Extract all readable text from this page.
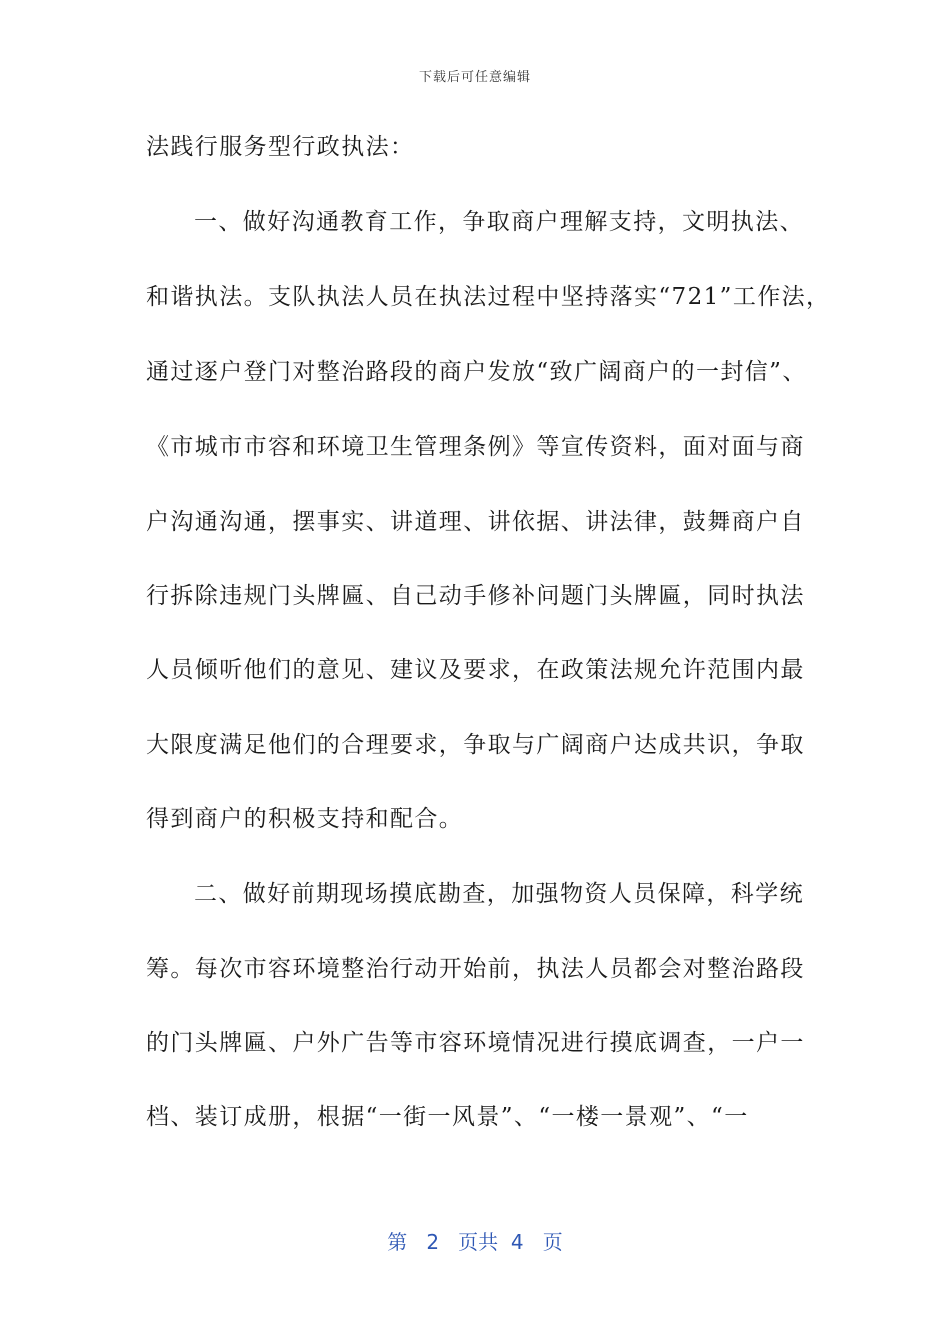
下载后可任意编辑
法践行服务型行政执法：
一、做好沟通教育工作，争取商户理解支持，文明执法、
和谐执法。支队执法人员在执法过程中坚持落实“721”工作法，
通过逐户登门对整治路段的商户发放“致广阔商户的一封信”、
《市城市市容和环境卫生管理条例》等宣传资料，面对面与商
户沟通沟通，摆事实、讲道理、讲依据、讲法律，鼓舞商户自
行拆除违规门头牌匾、自己动手修补问题门头牌匾，同时执法
人员倾听他们的意见、建议及要求，在政策法规允许范围内最
大限度满足他们的合理要求，争取与广阔商户达成共识，争取
得到商户的积极支持和配合。
二、做好前期现场摸底勘查，加强物资人员保障，科学统
筹。每次市容环境整治行动开始前，执法人员都会对整治路段
的门头牌匾、户外广告等市容环境情况进行摸底调查，一户一
档、装订成册，根据“一街一风景”、“一楼一景观”、“一
第 2 页共 4 页
